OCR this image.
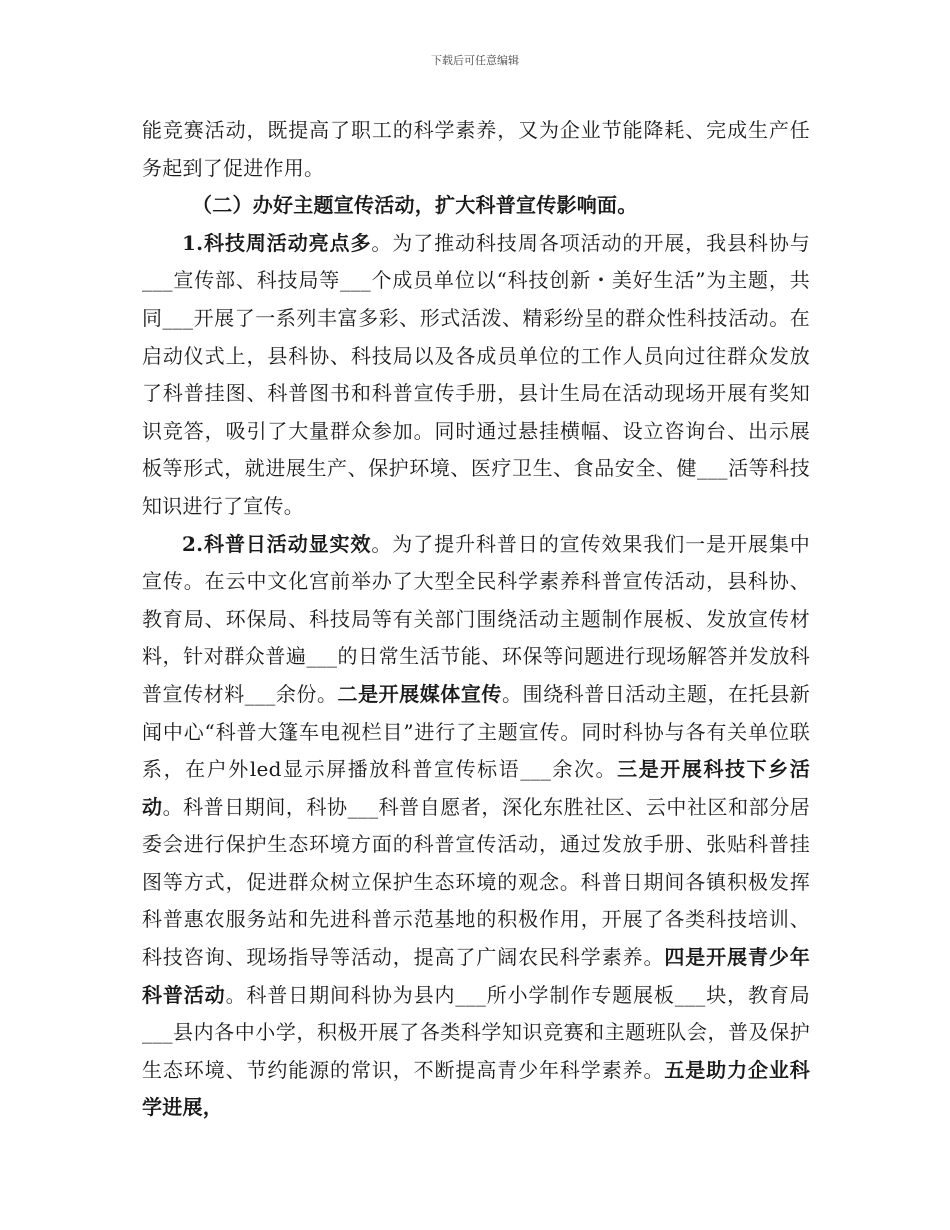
下载后可任意编辑

能竞赛活动，既提高了职工的科学素养，又为企业节能降耗、完成生产任务起到了促进作用。

（二）办好主题宣传活动，扩大科普宣传影响面。

1.科技周活动亮点多。为了推动科技周各项活动的开展，我县科协与___宣传部、科技局等___个成员单位以“科技创新・美好生活”为主题，共同___开展了一系列丰富多彩、形式活泼、精彩纷呈的群众性科技活动。在启动仪式上，县科协、科技局以及各成员单位的工作人员向过往群众发放了科普挂图、科普图书和科普宣传手册，县计生局在活动现场开展有奖知识竞答，吸引了大量群众参加。同时通过悬挂横幅、设立咨询台、出示展板等形式，就进展生产、保护环境、医疗卫生、食品安全、健___活等科技知识进行了宣传。

2.科普日活动显实效。为了提升科普日的宣传效果我们一是开展集中宣传。在云中文化宫前举办了大型全民科学素养科普宣传活动，县科协、教育局、环保局、科技局等有关部门围绕活动主题制作展板、发放宣传材料，针对群众普遍___的日常生活节能、环保等问题进行现场解答并发放科普宣传材料___余份。二是开展媒体宣传。围绕科普日活动主题，在托县新闻中心“科普大篷车电视栏目”进行了主题宣传。同时科协与各有关单位联系，在户外led显示屏播放科普宣传标语___余次。三是开展科技下乡活动。科普日期间，科协___科普自愿者，深化东胜社区、云中社区和部分居委会进行保护生态环境方面的科普宣传活动，通过发放手册、张贴科普挂图等方式，促进群众树立保护生态环境的观念。科普日期间各镇积极发挥科普惠农服务站和先进科普示范基地的积极作用，开展了各类科技培训、科技咨询、现场指导等活动，提高了广阔农民科学素养。四是开展青少年科普活动。科普日期间科协为县内___所小学制作专题展板___块，教育局___县内各中小学，积极开展了各类科学知识竞赛和主题班队会，普及保护生态环境、节约能源的常识，不断提高青少年科学素养。五是助力企业科学进展，
